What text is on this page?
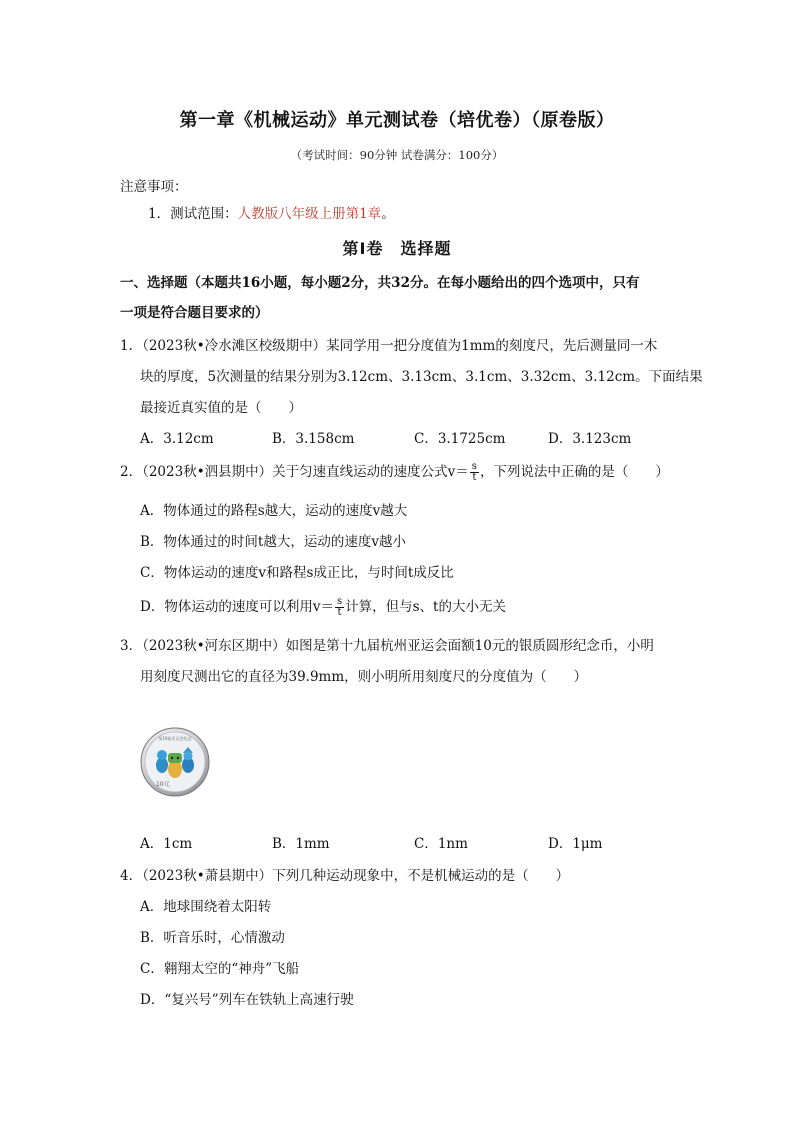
第一章《机械运动》单元测试卷（培优卷）（原卷版）
（考试时间：90分钟 试卷满分：100分）
注意事项：
1．测试范围：人教版八年级上册第1章。
第Ⅰ卷　选择题
一、选择题（本题共16小题，每小题2分，共32分。在每小题给出的四个选项中，只有
一项是符合题目要求的）
1．（2023秋•冷水滩区校级期中）某同学用一把分度值为1mm的刻度尺，先后测量同一木
块的厚度，5次测量的结果分别为3.12cm、3.13cm、3.1cm、3.32cm、3.12cm。下面结果
最接近真实值的是（　　）
A．3.12cm	B．3.158cm	C．3.1725cm	D．3.123cm
2．（2023秋•泗县期中）关于匀速直线运动的速度公式$v= \frac{s}{t}$ ，下列说法中正确的是（　　）
A．物体通过的路程s越大，运动的速度v越大
B．物体通过的时间t越大，运动的速度v越小
C．物体运动的速度v和路程s成正比，与时间t成反比
D．物体运动的速度可以利用$v= \frac{s}{t}$ 计算，但与s、t的大小无关
3．（2023秋•河东区期中）如图是第十九届杭州亚运会面额10元的银质圆形纪念币，小明
用刻度尺测出它的直径为39.9mm，则小明所用刻度尺的分度值为（　　）
第19届亚运会纪念
10元
A．1cm	B．1mm	C．1nm	D．1μm
4．（2023秋•萧县期中）下列几种运动现象中，不是机械运动的是（　　）
A．地球围绕着太阳转
B．听音乐时，心情激动
C．翱翔太空的“神舟”飞船
D．“复兴号”列车在铁轨上高速行驶
